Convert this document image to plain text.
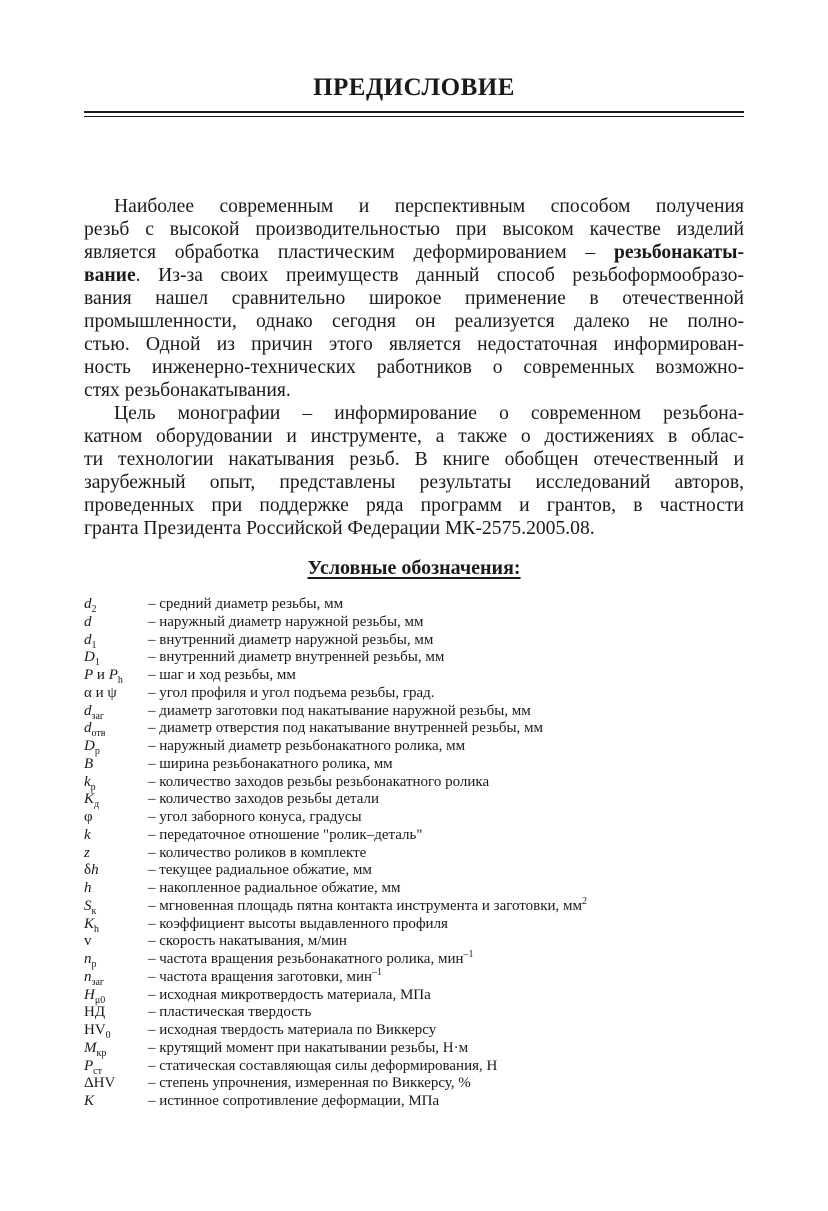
ПРЕДИСЛОВИЕ
Наиболее современным и перспективным способом получения
резьб с высокой производительностью при высоком качестве изделий
является обработка пластическим деформированием – резьбонакаты-
вание. Из-за своих преимуществ данный способ резьбоформообразо-
вания нашел сравнительно широкое применение в отечественной
промышленности, однако сегодня он реализуется далеко не полно-
стью. Одной из причин этого является недостаточная информирован-
ность инженерно-технических работников о современных возможно-
стях резьбонакатывания.
Цель монографии – информирование о современном резьбона-
катном оборудовании и инструменте, а также о достижениях в облас-
ти технологии накатывания резьб. В книге обобщен отечественный и
зарубежный опыт, представлены результаты исследований авторов,
проведенных при поддержке ряда программ и грантов, в частности
гранта Президента Российской Федерации МК-2575.2005.08.
Условные обозначения:
$d_2$	– средний диаметр резьбы, мм
d	– наружный диаметр наружной резьбы, мм
$d_1$	– внутренний диаметр наружной резьбы, мм
$D_1$	– внутренний диаметр внутренней резьбы, мм
P и $P_h$	– шаг и ход резьбы, мм
α и ψ	– угол профиля и угол подъема резьбы, град.
$d_{заг}$	– диаметр заготовки под накатывание наружной резьбы, мм
$d_{отв}$	– диаметр отверстия под накатывание внутренней резьбы, мм
$D_р$	– наружный диаметр резьбонакатного ролика, мм
B	– ширина резьбонакатного ролика, мм
$k_р$	– количество заходов резьбы резьбонакатного ролика
$K_д$	– количество заходов резьбы детали
φ	– угол заборного конуса, градусы
k	– передаточное отношение "ролик–деталь"
z	– количество роликов в комплекте
δh	– текущее радиальное обжатие, мм
h	– накопленное радиальное обжатие, мм
$S_к$	– мгновенная площадь пятна контакта инструмента и заготовки, $мм^2$
$K_h$	– коэффициент высоты выдавленного профиля
v	– скорость накатывания, м/мин
$n_р$	– частота вращения резьбонакатного ролика, мин$^{-1}$
$n_{заг}$	– частота вращения заготовки, мин$^{-1}$
$H_{\mu 0}$	– исходная микротвердость материала, МПа
НД	– пластическая твердость
$HV_0$	– исходная твердость материала по Виккерсу
$M_{кр}$	– крутящий момент при накатывании резьбы, Н·м
$P_{ст}$	– статическая составляющая силы деформирования, Н
ΔHV	– степень упрочнения, измеренная по Виккерсу, %
K	– истинное сопротивление деформации, МПа
